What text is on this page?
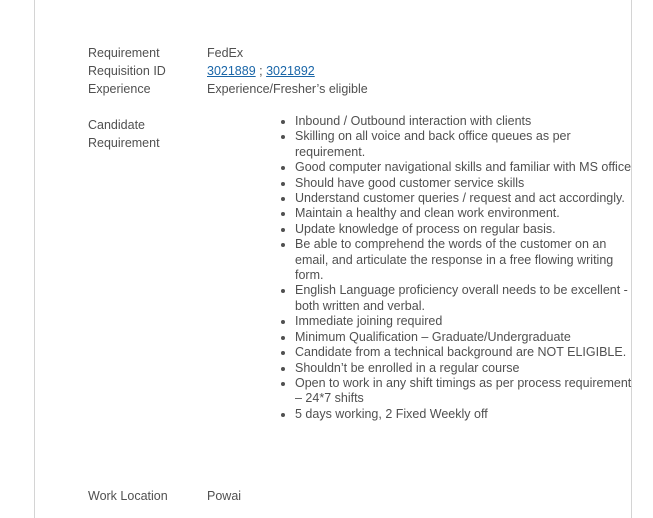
Requirement	FedEx
Requisition ID	3021889 ; 3021892
Experience	Experience/Fresher’s eligible
Candidate
Requirement
• Inbound / Outbound interaction with clients
• Skilling on all voice and back office queues as per requirement.
• Good computer navigational skills and familiar with MS office
• Should have good customer service skills
• Understand customer queries / request and act accordingly.
• Maintain a healthy and clean work environment.
• Update knowledge of process on regular basis.
• Be able to comprehend the words of the customer on an email, and articulate the response in a free flowing writing form.
• English Language proficiency overall needs to be excellent - both written and verbal.
• Immediate joining required
• Minimum Qualification – Graduate/Undergraduate
• Candidate from a technical background are NOT ELIGIBLE.
• Shouldn’t be enrolled in a regular course
• Open to work in any shift timings as per process requirement – 24*7 shifts
• 5 days working, 2 Fixed Weekly off
Work Location	Powai
